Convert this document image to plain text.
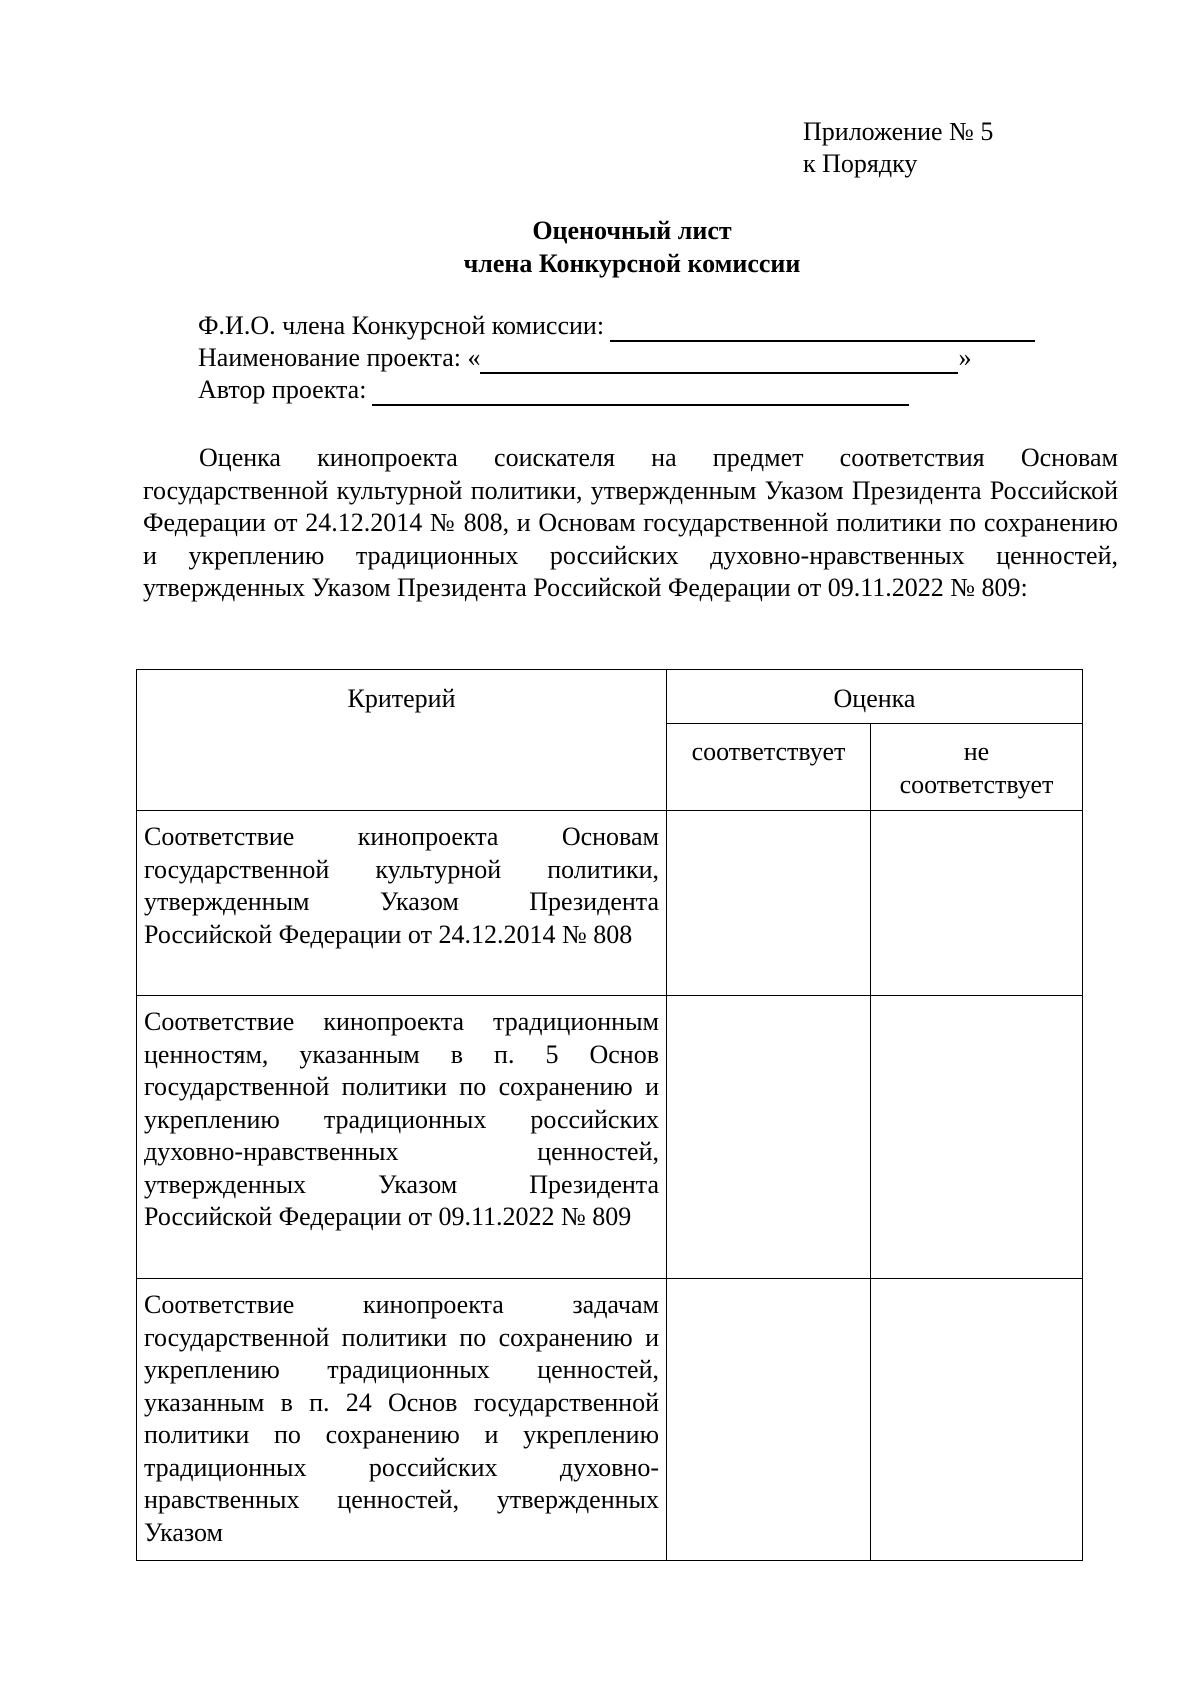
Приложение № 5
к Порядку
Оценочный лист
члена Конкурсной комиссии
Ф.И.О. члена Конкурсной комиссии:
Наименование проекта: «	»
Автор проекта:
Оценка кинопроекта соискателя на предмет соответствия Основам государственной культурной политики, утвержденным Указом Президента Российской Федерации от 24.12.2014 № 808, и Основам государственной политики по сохранению и укреплению традиционных российских духовно-нравственных ценностей, утвержденных Указом Президента Российской Федерации от 09.11.2022 № 809:
Критерий	Оценка	
	соответствует	не соответствует
Соответствие кинопроекта Основам государственной культурной политики, утвержденным Указом Президента Российской Федерации от 24.12.2014 № 808		
Соответствие кинопроекта традиционным ценностям, указанным в п. 5 Основ государственной политики по сохранению и укреплению традиционных российских духовно-нравственных ценностей, утвержденных Указом Президента Российской Федерации от 09.11.2022 № 809		
Соответствие кинопроекта задачам государственной политики по сохранению и укреплению традиционных ценностей, указанным в п. 24 Основ государственной политики по сохранению и укреплению традиционных российских духовно-нравственных ценностей, утвержденных Указом		
